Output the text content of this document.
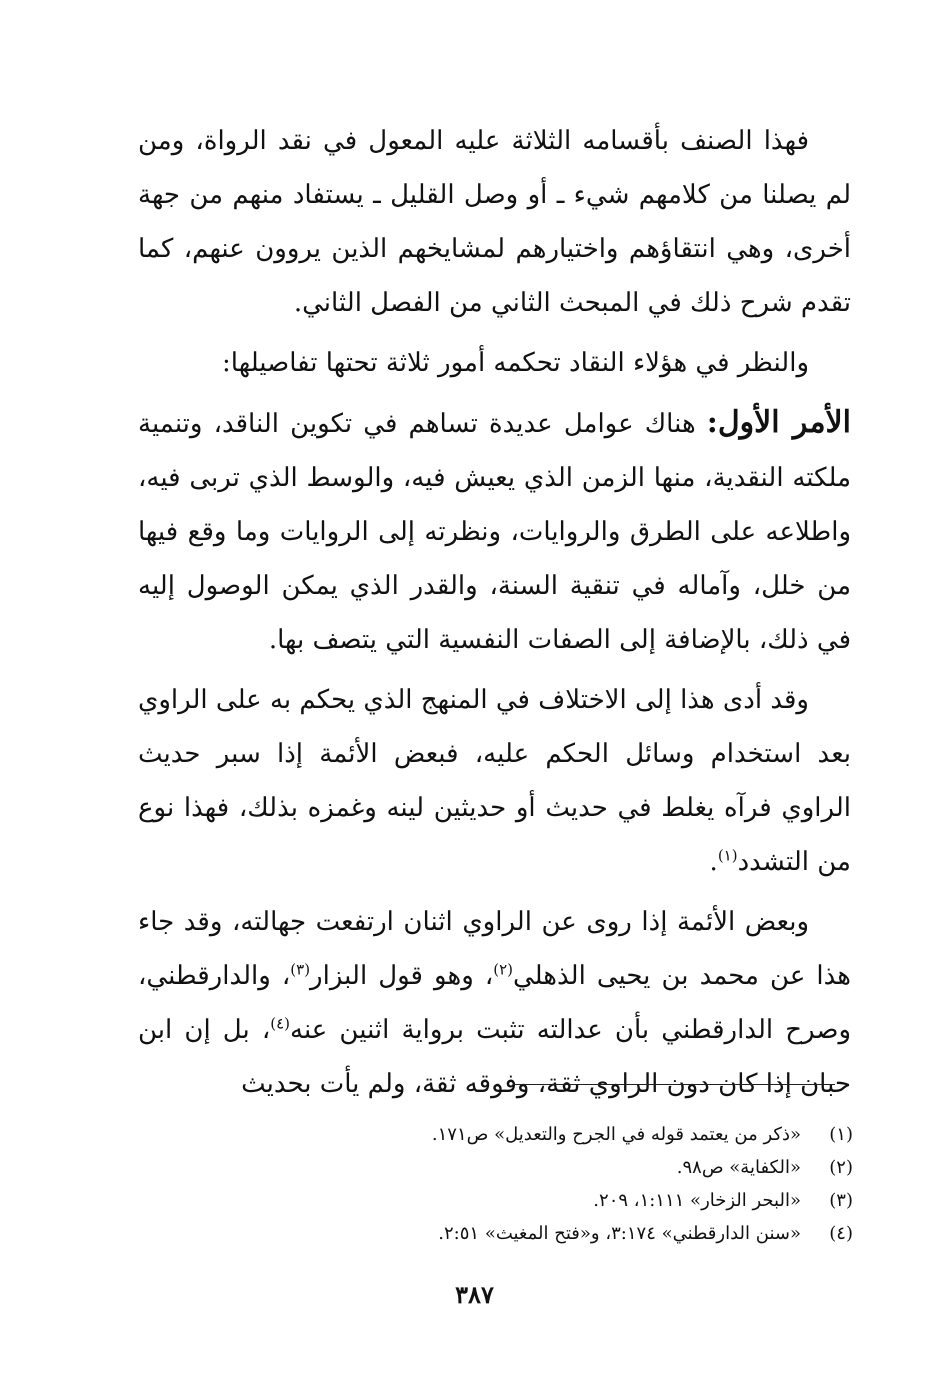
فهذا الصنف بأقسامه الثلاثة عليه المعول في نقد الرواة، ومن لم يصلنا من كلامهم شيء ـ أو وصل القليل ـ يستفاد منهم من جهة أخرى، وهي انتقاؤهم واختيارهم لمشايخهم الذين يروون عنهم، كما تقدم شرح ذلك في المبحث الثاني من الفصل الثاني.

والنظر في هؤلاء النقاد تحكمه أمور ثلاثة تحتها تفاصيلها:

الأمر الأول: هناك عوامل عديدة تساهم في تكوين الناقد، وتنمية ملكته النقدية، منها الزمن الذي يعيش فيه، والوسط الذي تربى فيه، واطلاعه على الطرق والروايات، ونظرته إلى الروايات وما وقع فيها من خلل، وآماله في تنقية السنة، والقدر الذي يمكن الوصول إليه في ذلك، بالإضافة إلى الصفات النفسية التي يتصف بها.

وقد أدى هذا إلى الاختلاف في المنهج الذي يحكم به على الراوي بعد استخدام وسائل الحكم عليه، فبعض الأئمة إذا سبر حديث الراوي فرآه يغلط في حديث أو حديثين لينه وغمزه بذلك، فهذا نوع من التشدد$^{(١)}$.

وبعض الأئمة إذا روى عن الراوي اثنان ارتفعت جهالته، وقد جاء هذا عن محمد بن يحيى الذهلي$^{(٢)}$، وهو قول البزار$^{(٣)}$، والدارقطني، وصرح الدارقطني بأن عدالته تثبت برواية اثنين عنه$^{(٤)}$، بل إن ابن حبان إذا كان دون الراوي ثقة، وفوقه ثقة، ولم يأت بحديث

(١)
«ذكر من يعتمد قوله في الجرح والتعديل» ص١٧١.
(٢)
«الكفاية» ص٩٨.
(٣)
«البحر الزخار» ١:١١١، ٢٠٩.
(٤)
«سنن الدارقطني» ٣:١٧٤، و«فتح المغيث» ٢:٥١.
٣٨٧
